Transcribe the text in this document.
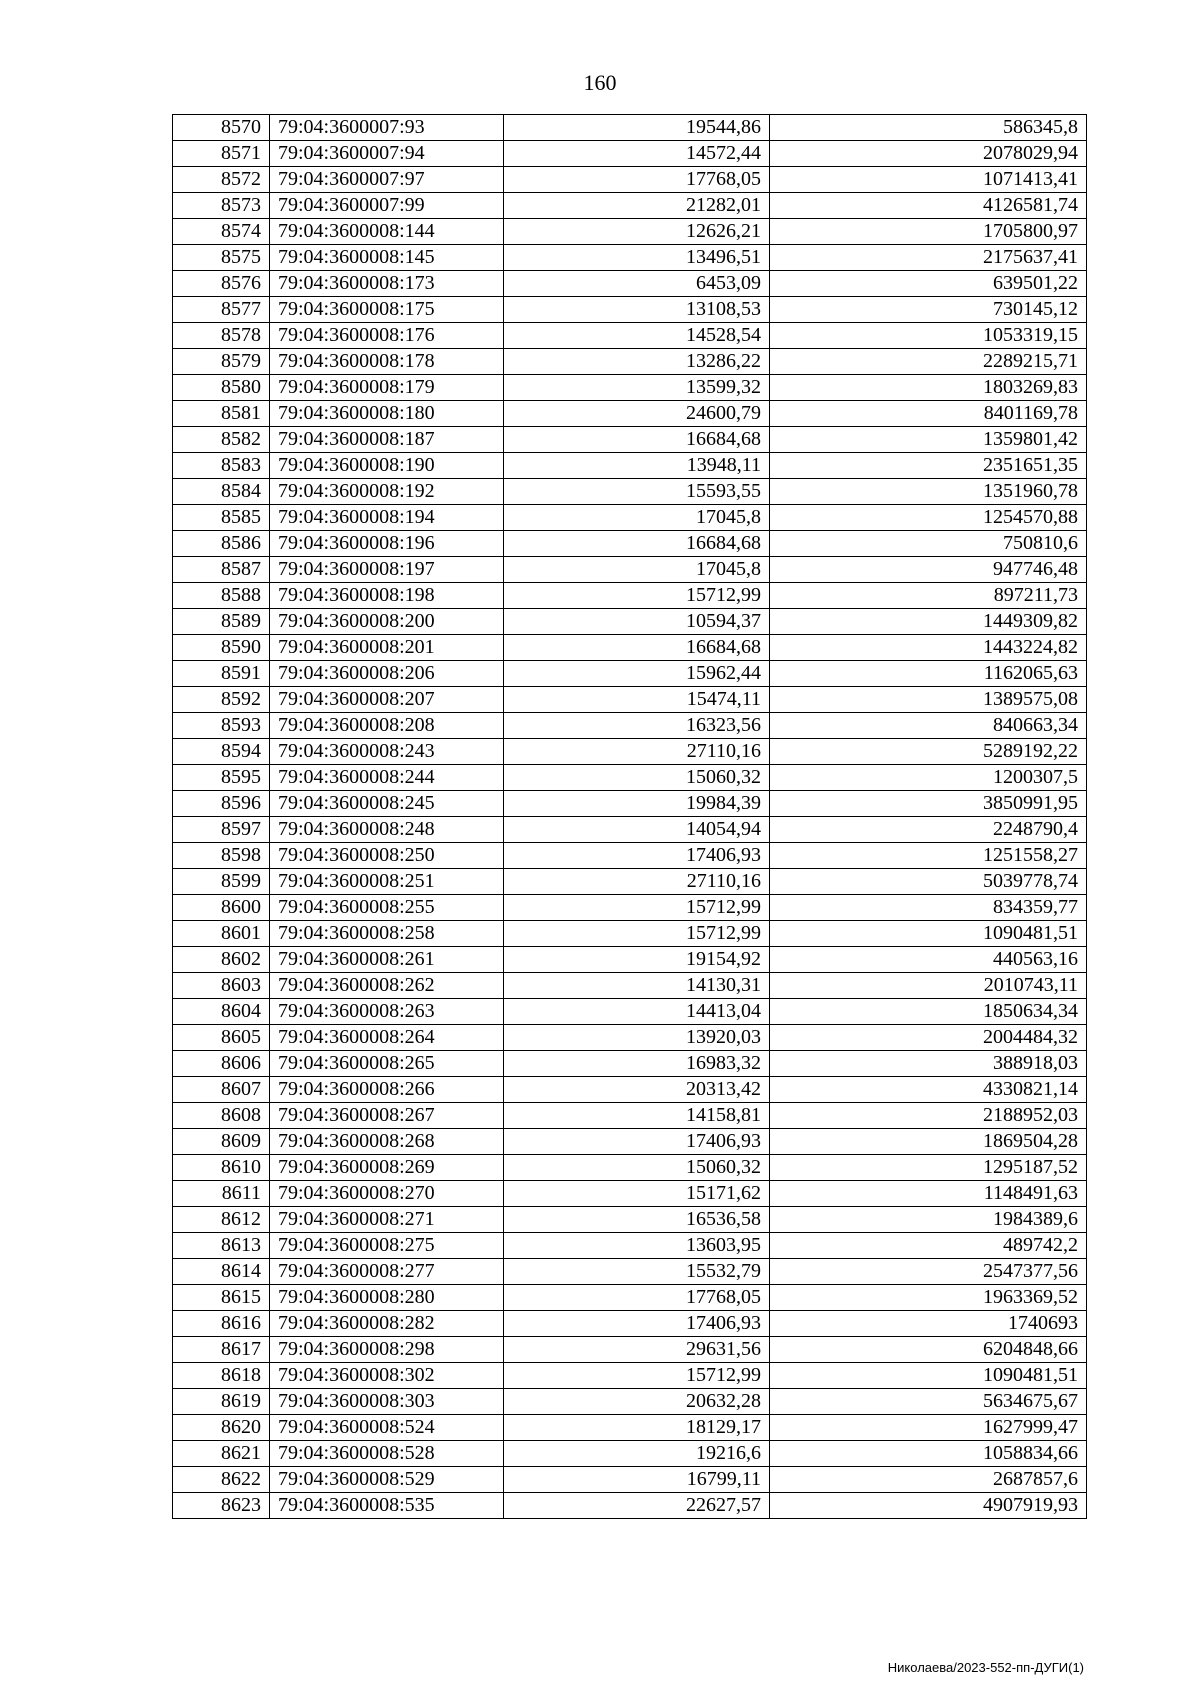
160
8570	79:04:3600007:93	19544,86	586345,8
8571	79:04:3600007:94	14572,44	2078029,94
8572	79:04:3600007:97	17768,05	1071413,41
8573	79:04:3600007:99	21282,01	4126581,74
8574	79:04:3600008:144	12626,21	1705800,97
8575	79:04:3600008:145	13496,51	2175637,41
8576	79:04:3600008:173	6453,09	639501,22
8577	79:04:3600008:175	13108,53	730145,12
8578	79:04:3600008:176	14528,54	1053319,15
8579	79:04:3600008:178	13286,22	2289215,71
8580	79:04:3600008:179	13599,32	1803269,83
8581	79:04:3600008:180	24600,79	8401169,78
8582	79:04:3600008:187	16684,68	1359801,42
8583	79:04:3600008:190	13948,11	2351651,35
8584	79:04:3600008:192	15593,55	1351960,78
8585	79:04:3600008:194	17045,8	1254570,88
8586	79:04:3600008:196	16684,68	750810,6
8587	79:04:3600008:197	17045,8	947746,48
8588	79:04:3600008:198	15712,99	897211,73
8589	79:04:3600008:200	10594,37	1449309,82
8590	79:04:3600008:201	16684,68	1443224,82
8591	79:04:3600008:206	15962,44	1162065,63
8592	79:04:3600008:207	15474,11	1389575,08
8593	79:04:3600008:208	16323,56	840663,34
8594	79:04:3600008:243	27110,16	5289192,22
8595	79:04:3600008:244	15060,32	1200307,5
8596	79:04:3600008:245	19984,39	3850991,95
8597	79:04:3600008:248	14054,94	2248790,4
8598	79:04:3600008:250	17406,93	1251558,27
8599	79:04:3600008:251	27110,16	5039778,74
8600	79:04:3600008:255	15712,99	834359,77
8601	79:04:3600008:258	15712,99	1090481,51
8602	79:04:3600008:261	19154,92	440563,16
8603	79:04:3600008:262	14130,31	2010743,11
8604	79:04:3600008:263	14413,04	1850634,34
8605	79:04:3600008:264	13920,03	2004484,32
8606	79:04:3600008:265	16983,32	388918,03
8607	79:04:3600008:266	20313,42	4330821,14
8608	79:04:3600008:267	14158,81	2188952,03
8609	79:04:3600008:268	17406,93	1869504,28
8610	79:04:3600008:269	15060,32	1295187,52
8611	79:04:3600008:270	15171,62	1148491,63
8612	79:04:3600008:271	16536,58	1984389,6
8613	79:04:3600008:275	13603,95	489742,2
8614	79:04:3600008:277	15532,79	2547377,56
8615	79:04:3600008:280	17768,05	1963369,52
8616	79:04:3600008:282	17406,93	1740693
8617	79:04:3600008:298	29631,56	6204848,66
8618	79:04:3600008:302	15712,99	1090481,51
8619	79:04:3600008:303	20632,28	5634675,67
8620	79:04:3600008:524	18129,17	1627999,47
8621	79:04:3600008:528	19216,6	1058834,66
8622	79:04:3600008:529	16799,11	2687857,6
8623	79:04:3600008:535	22627,57	4907919,93
Николаева/2023-552-пп-ДУГИ(1)
